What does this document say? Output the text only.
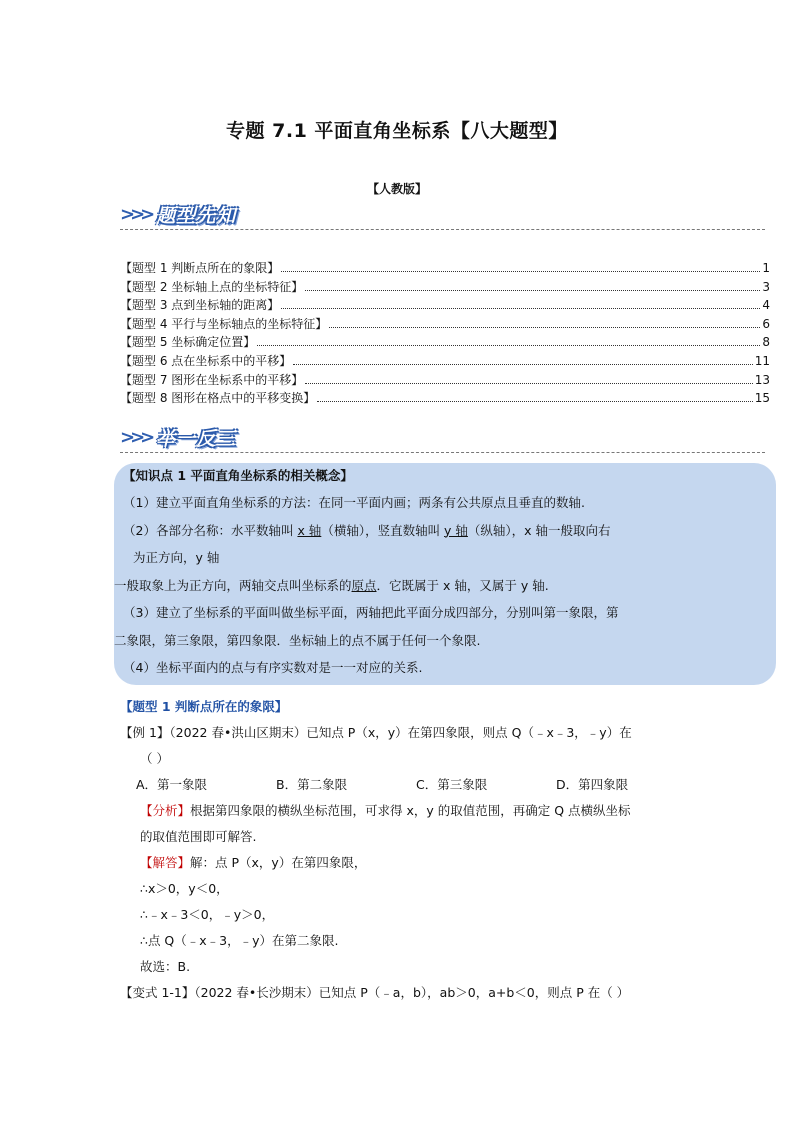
专题 7.1 平面直角坐标系【八大题型】
【人教版】
>>> 题型先知
【题型 1 判断点所在的象限】	1
【题型 2 坐标轴上点的坐标特征】	3
【题型 3 点到坐标轴的距离】	4
【题型 4 平行与坐标轴点的坐标特征】	6
【题型 5 坐标确定位置】	8
【题型 6 点在坐标系中的平移】	11
【题型 7 图形在坐标系中的平移】	13
【题型 8 图形在格点中的平移变换】	15
>>> 举一反三
【知识点 1 平面直角坐标系的相关概念】
（1）建立平面直角坐标系的方法：在同一平面内画；两条有公共原点且垂直的数轴.
（2）各部分名称：水平数轴叫 x 轴（横轴），竖直数轴叫 y 轴（纵轴），x 轴一般取向右
为正方向，y 轴
一般取象上为正方向，两轴交点叫坐标系的原点．它既属于 x 轴，又属于 y 轴.
（3）建立了坐标系的平面叫做坐标平面，两轴把此平面分成四部分，分别叫第一象限，第
二象限，第三象限，第四象限．坐标轴上的点不属于任何一个象限.
（4）坐标平面内的点与有序实数对是一一对应的关系.
【题型 1 判断点所在的象限】
【例 1】（2022 春•洪山区期末）已知点 P（x，y）在第四象限，则点 Q（﹣x﹣3，﹣y）在
（ ）
A．第一象限	B．第二象限	C．第三象限	D．第四象限
【分析】根据第四象限的横纵坐标范围，可求得 x，y 的取值范围，再确定 Q 点横纵坐标
的取值范围即可解答.
【解答】解：点 P（x，y）在第四象限，
∴x＞0，y＜0，
∴﹣x﹣3＜0，﹣y＞0，
∴点 Q（﹣x﹣3，﹣y）在第二象限.
故选：B.
【变式 1-1】（2022 春•长沙期末）已知点 P（﹣a，b），ab＞0，a+b＜0，则点 P 在（ ）
